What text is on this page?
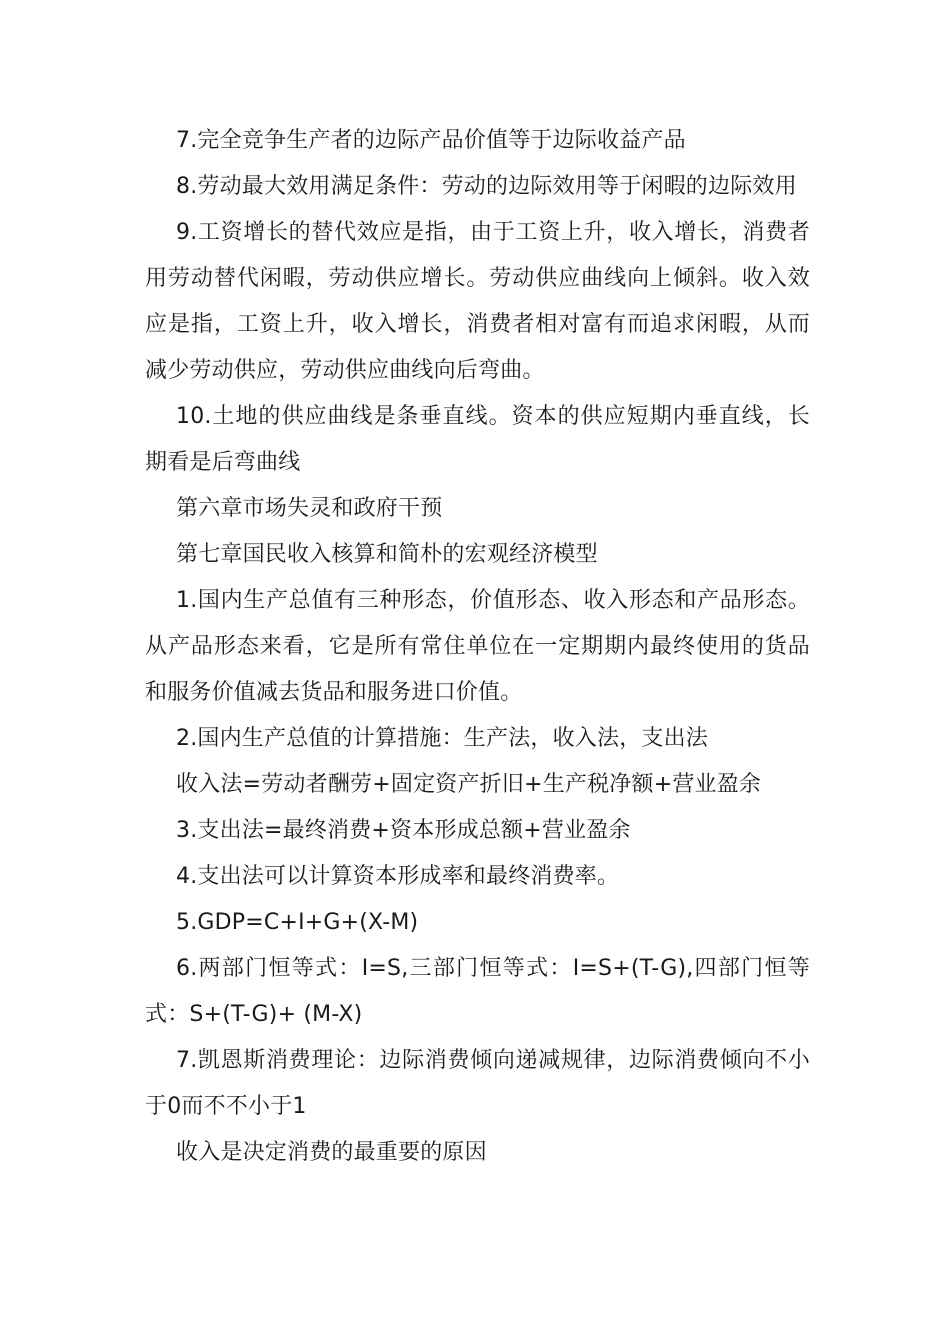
7.完全竞争生产者的边际产品价值等于边际收益产品

8.劳动最大效用满足条件：劳动的边际效用等于闲暇的边际效用

9.工资增长的替代效应是指，由于工资上升，收入增长，消费者用劳动替代闲暇，劳动供应增长。劳动供应曲线向上倾斜。收入效应是指，工资上升，收入增长，消费者相对富有而追求闲暇，从而减少劳动供应，劳动供应曲线向后弯曲。

10.土地的供应曲线是条垂直线。资本的供应短期内垂直线，长期看是后弯曲线

第六章市场失灵和政府干预

第七章国民收入核算和简朴的宏观经济模型

1.国内生产总值有三种形态，价值形态、收入形态和产品形态。从产品形态来看，它是所有常住单位在一定期期内最终使用的货品和服务价值减去货品和服务进口价值。

2.国内生产总值的计算措施：生产法，收入法，支出法

收入法=劳动者酬劳+固定资产折旧+生产税净额+营业盈余

3.支出法=最终消费+资本形成总额+营业盈余

4.支出法可以计算资本形成率和最终消费率。

5.GDP=C+I+G+(X-M)

6.两部门恒等式：I=S,三部门恒等式：I=S+(T-G),四部门恒等式：S+(T-G)+ (M-X)

7.凯恩斯消费理论：边际消费倾向递减规律，边际消费倾向不小于0而不不小于1

收入是决定消费的最重要的原因
